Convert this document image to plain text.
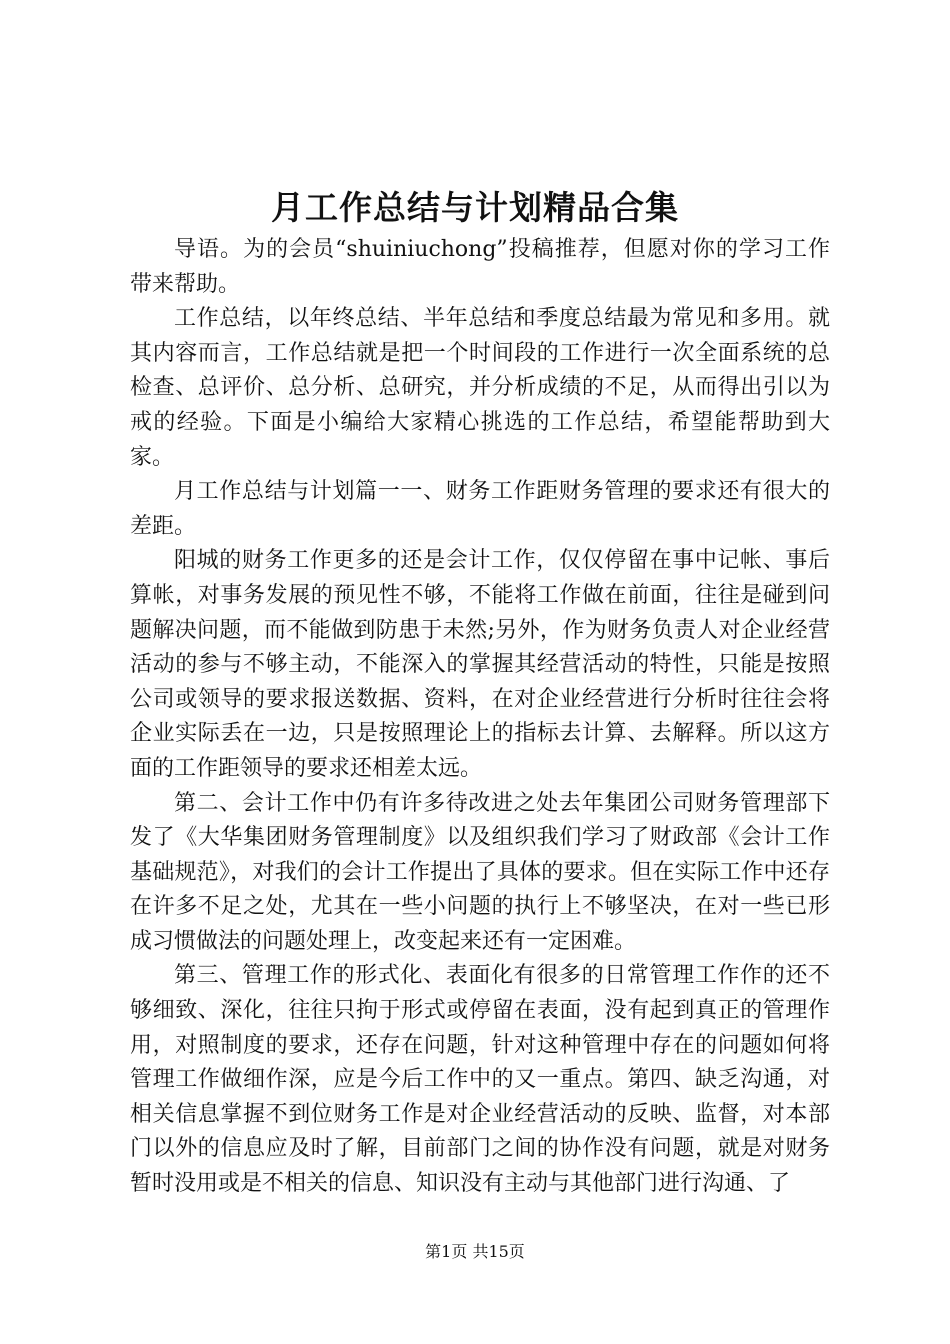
月工作总结与计划精品合集

导语。为的会员“shuiniuchong”投稿推荐，但愿对你的学习工作带来帮助。

工作总结，以年终总结、半年总结和季度总结最为常见和多用。就其内容而言，工作总结就是把一个时间段的工作进行一次全面系统的总检查、总评价、总分析、总研究，并分析成绩的不足，从而得出引以为戒的经验。下面是小编给大家精心挑选的工作总结，希望能帮助到大家。

月工作总结与计划篇一一、财务工作距财务管理的要求还有很大的差距。

阳城的财务工作更多的还是会计工作，仅仅停留在事中记帐、事后算帐，对事务发展的预见性不够，不能将工作做在前面，往往是碰到问题解决问题，而不能做到防患于未然;另外，作为财务负责人对企业经营活动的参与不够主动，不能深入的掌握其经营活动的特性，只能是按照公司或领导的要求报送数据、资料，在对企业经营进行分析时往往会将企业实际丢在一边，只是按照理论上的指标去计算、去解释。所以这方面的工作距领导的要求还相差太远。

第二、会计工作中仍有许多待改进之处去年集团公司财务管理部下发了《大华集团财务管理制度》以及组织我们学习了财政部《会计工作基础规范》，对我们的会计工作提出了具体的要求。但在实际工作中还存在许多不足之处，尤其在一些小问题的执行上不够坚决，在对一些已形成习惯做法的问题处理上，改变起来还有一定困难。

第三、管理工作的形式化、表面化有很多的日常管理工作作的还不够细致、深化，往往只拘于形式或停留在表面，没有起到真正的管理作用，对照制度的要求，还存在问题，针对这种管理中存在的问题如何将管理工作做细作深，应是今后工作中的又一重点。第四、缺乏沟通，对相关信息掌握不到位财务工作是对企业经营活动的反映、监督，对本部门以外的信息应及时了解，目前部门之间的协作没有问题，就是对财务暂时没用或是不相关的信息、知识没有主动与其他部门进行沟通、了

第1页 共15页
